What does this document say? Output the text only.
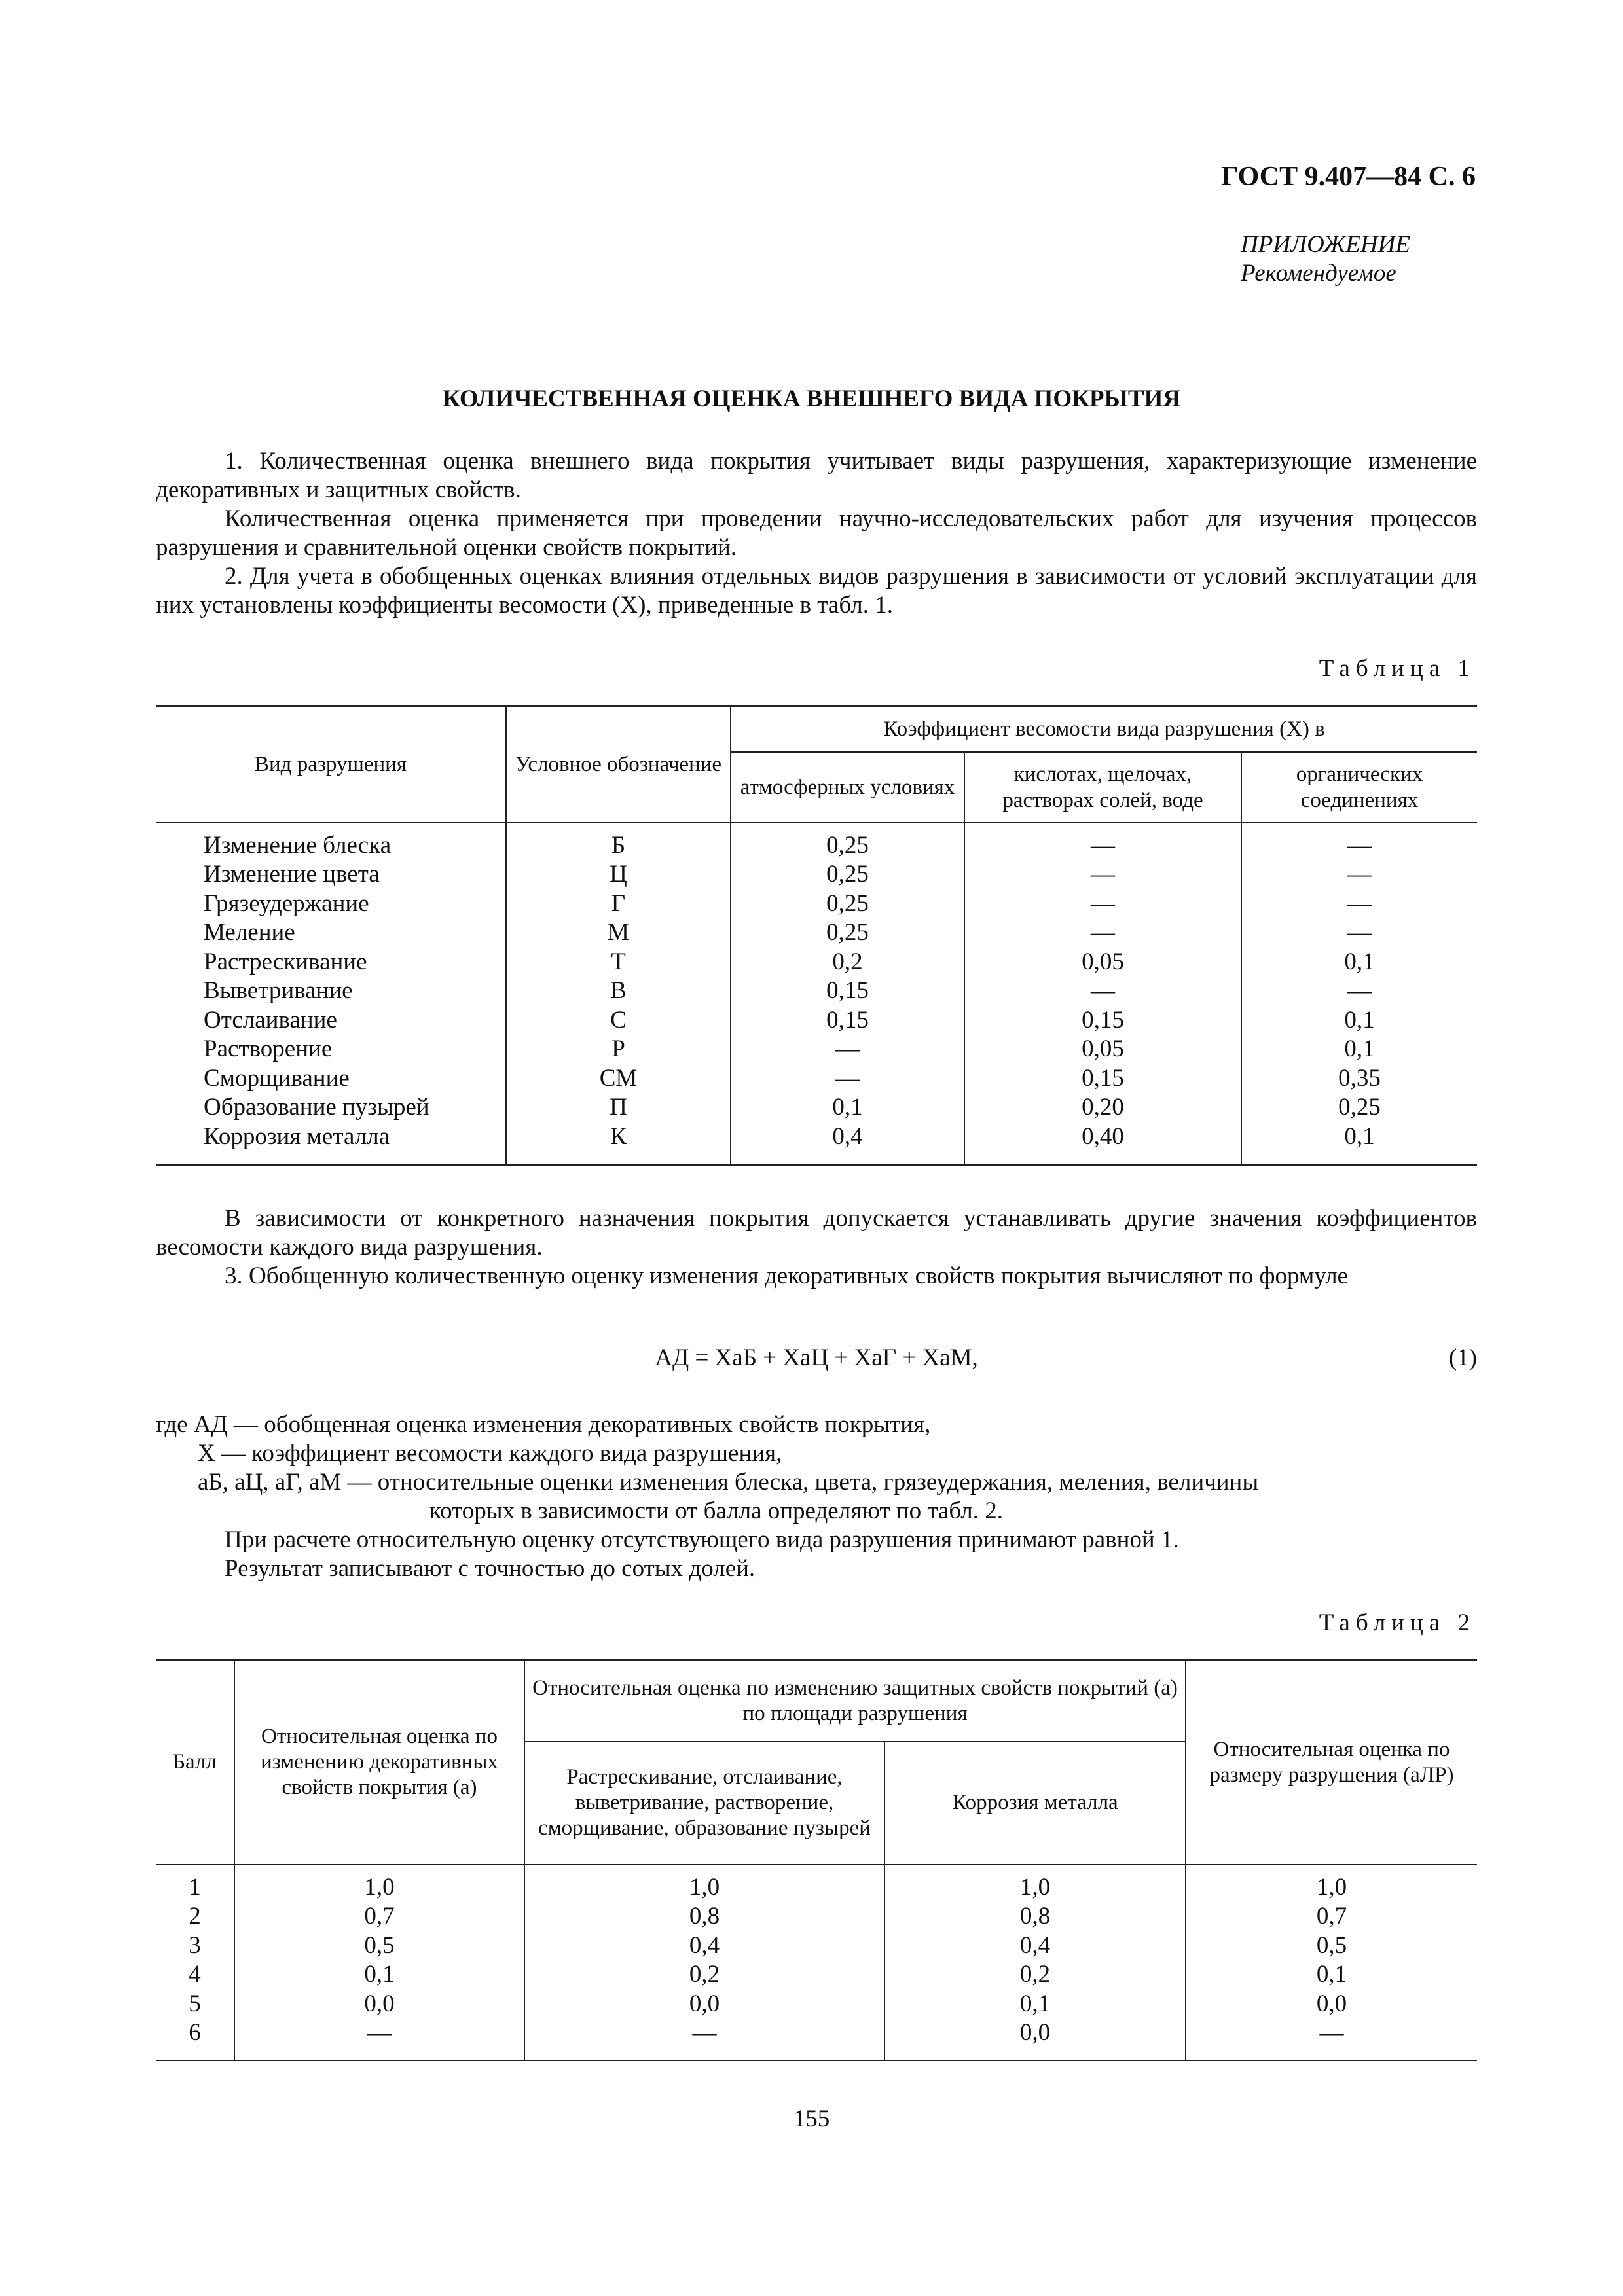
ГОСТ 9.407—84 С. 6
ПРИЛОЖЕНИЕ
Рекомендуемое
КОЛИЧЕСТВЕННАЯ ОЦЕНКА ВНЕШНЕГО ВИДА ПОКРЫТИЯ

1. Количественная оценка внешнего вида покрытия учитывает виды разрушения, характеризующие изменение декоративных и защитных свойств.

Количественная оценка применяется при проведении научно-исследовательских работ для изучения процессов разрушения и сравнительной оценки свойств покрытий.

2. Для учета в обобщенных оценках влияния отдельных видов разрушения в зависимости от условий эксплуатации для них установлены коэффициенты весомости (X), приведенные в табл. 1.

Таблица 1
Вид разрушения	Условное обозначение	Коэффициент весомости вида разрушения (X) в		
		атмосферных условиях	кислотах, щелочах, растворах солей, воде	органических соединениях
Изменение блеска	Б	0,25	—	—
Изменение цвета	Ц	0,25	—	—
Грязеудержание	Г	0,25	—	—
Меление	М	0,25	—	—
Растрескивание	Т	0,2	0,05	0,1
Выветривание	В	0,15	—	—
Отслаивание	С	0,15	0,15	0,1
Растворение	Р	—	0,05	0,1
Сморщивание	СМ	—	0,15	0,35
Образование пузырей	П	0,1	0,20	0,25
Коррозия металла	К	0,4	0,40	0,1

В зависимости от конкретного назначения покрытия допускается устанавливать другие значения коэффициентов весомости каждого вида разрушения.

3. Обобщенную количественную оценку изменения декоративных свойств покрытия вычисляют по формуле

АД = XaБ + XaЦ + XaГ + XaM,	(1)
где АД — обобщенная оценка изменения декоративных свойств покрытия,
X — коэффициент весомости каждого вида разрушения,
aБ, aЦ, aГ, aМ — относительные оценки изменения блеска, цвета, грязеудержания, меления, величины
которых в зависимости от балла определяют по табл. 2.
При расчете относительную оценку отсутствующего вида разрушения принимают равной 1.
Результат записывают с точностью до сотых долей.
Таблица 2
Балл	Относительная оценка по изменению декоративных свойств покрытия (a)	Относительная оценка по изменению защитных свойств покрытий (a) по площади разрушения		Относительная оценка по размеру разрушения (aЛР)
		Растрескивание, отслаивание, выветривание, растворение, сморщивание, образование пузырей	Коррозия металла	
1	1,0	1,0	1,0	1,0
2	0,7	0,8	0,8	0,7
3	0,5	0,4	0,4	0,5
4	0,1	0,2	0,2	0,1
5	0,0	0,0	0,1	0,0
6	—	—	0,0	—
155
